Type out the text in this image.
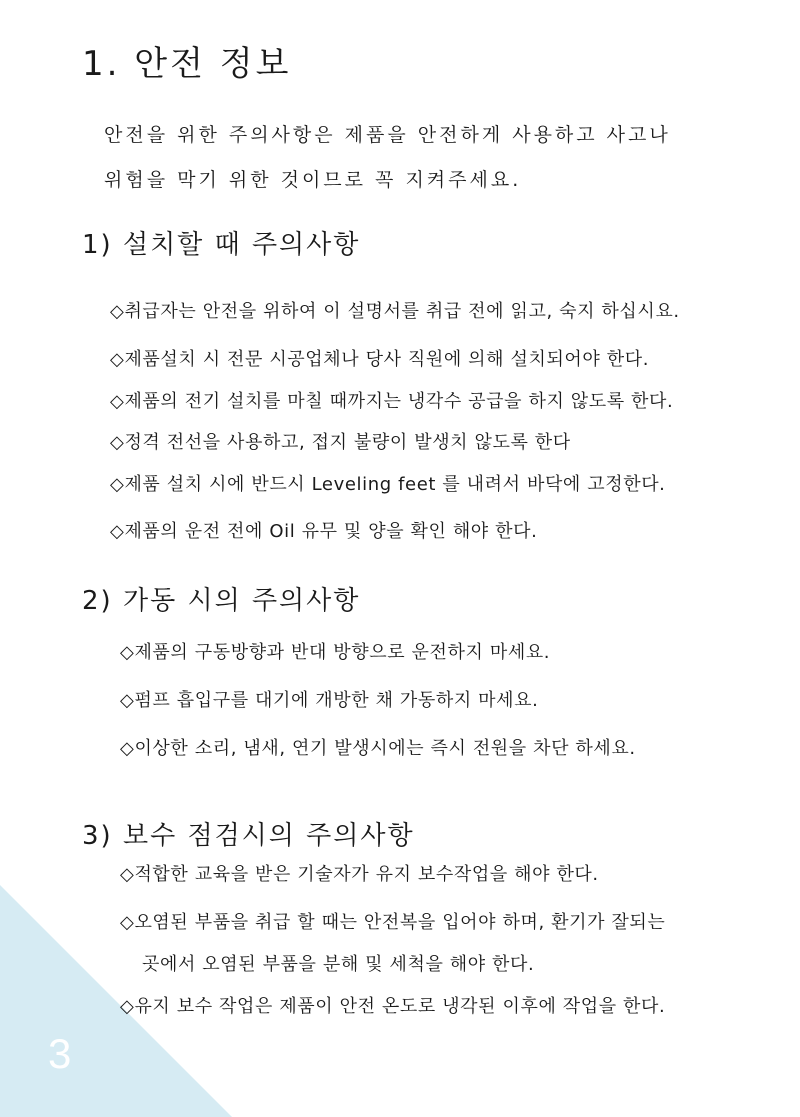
3
1. 안전 정보
안전을 위한 주의사항은 제품을 안전하게 사용하고 사고나
위험을 막기 위한 것이므로 꼭 지켜주세요.
1) 설치할 때 주의사항
◇취급자는 안전을 위하여 이 설명서를 취급 전에 읽고, 숙지 하십시요.
◇제품설치 시 전문 시공업체나 당사 직원에 의해 설치되어야 한다.
◇제품의 전기 설치를 마칠 때까지는 냉각수 공급을 하지 않도록 한다.
◇정격 전선을 사용하고, 접지 불량이 발생치 않도록 한다
◇제품 설치 시에 반드시 Leveling feet 를 내려서 바닥에 고정한다.
◇제품의 운전 전에 Oil 유무 및 양을 확인 해야 한다.
2) 가동 시의 주의사항
◇제품의 구동방향과 반대 방향으로 운전하지 마세요.
◇펌프 흡입구를 대기에 개방한 채 가동하지 마세요.
◇이상한 소리, 냄새, 연기 발생시에는 즉시 전원을 차단 하세요.
3) 보수 점검시의 주의사항
◇적합한 교육을 받은 기술자가 유지 보수작업을 해야 한다.
◇오염된 부품을 취급 할 때는 안전복을 입어야 하며, 환기가 잘되는
곳에서 오염된 부품을 분해 및 세척을 해야 한다.
◇유지 보수 작업은 제품이 안전 온도로 냉각된 이후에 작업을 한다.
